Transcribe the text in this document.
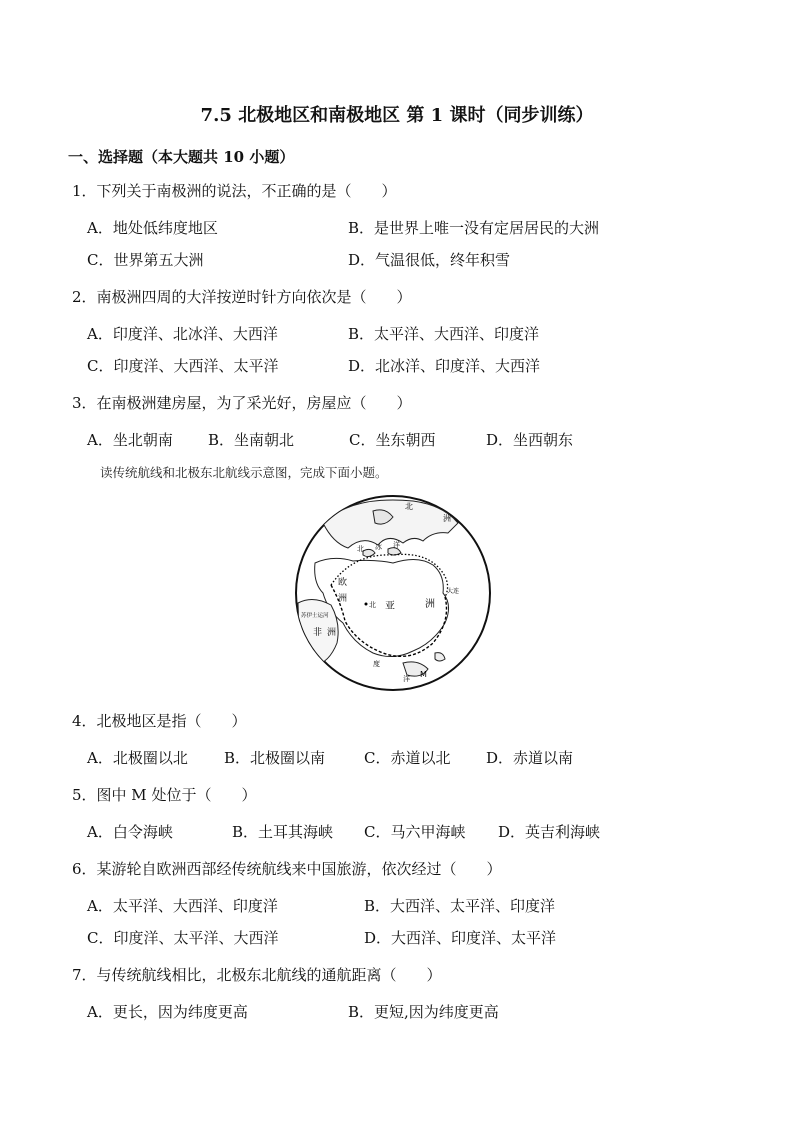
7.5 北极地区和南极地区 第 1 课时（同步训练）
一、选择题（本大题共 10 小题）
1．下列关于南极洲的说法，不正确的是（　　）
A．地处低纬度地区	B．是世界上唯一没有定居居民的大洲
C．世界第五大洲	D．气温很低，终年积雪
2．南极洲四周的大洋按逆时针方向依次是（　　）
A．印度洋、北冰洋、大西洋	B．太平洋、大西洋、印度洋
C．印度洋、大西洋、太平洋	D．北冰洋、印度洋、大西洋
3．在南极洲建房屋，为了采光好，房屋应（　　）
A．坐北朝南 B．坐南朝北	C．坐东朝西	D．坐西朝东
读传统航线和北极东北航线示意图，完成下面小题。
北
洲
北 冰 洋
欧
洲
亚	洲
苏伊士运河
非 洲
北
大连
度
洋 M
4．北极地区是指（　　）
A．北极圈以北 B．北极圈以南	C．赤道以北 D．赤道以南
5．图中 M 处位于（　　）
A．白令海峡	B．土耳其海峡 C．马六甲海峡 D．英吉利海峡
6．某游轮自欧洲西部经传统航线来中国旅游，依次经过（　　）
A．太平洋、大西洋、印度洋	B．大西洋、太平洋、印度洋
C．印度洋、太平洋、大西洋	D．大西洋、印度洋、太平洋
7．与传统航线相比，北极东北航线的通航距离（　　）
A．更长，因为纬度更高	B．更短,因为纬度更高
